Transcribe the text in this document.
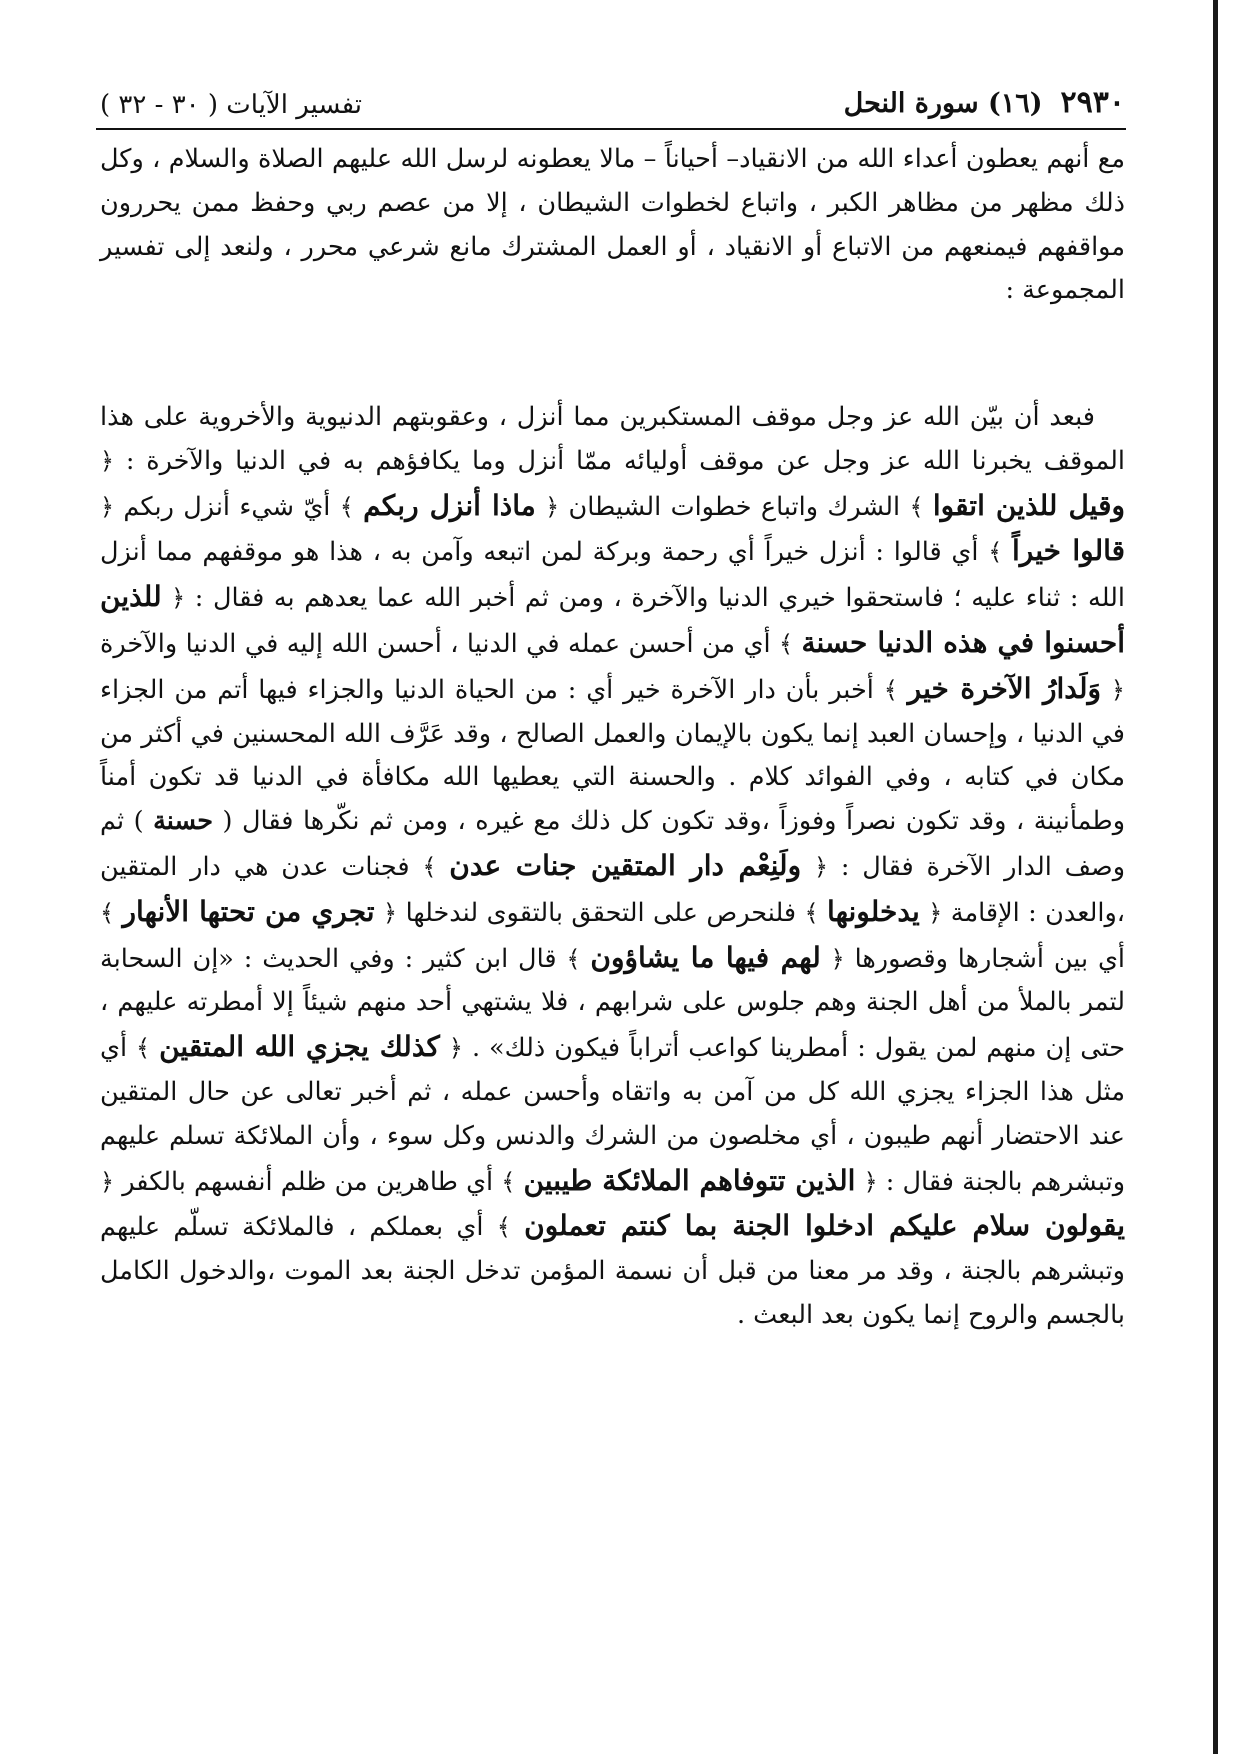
٢٩٣٠(١٦) سورة النحل
تفسير الآيات ( ٣٠ - ٣٢ )

مع أنهم يعطون أعداء الله من الانقياد– أحياناً – مالا يعطونه لرسل الله عليهم الصلاة والسلام ، وكل ذلك مظهر من مظاهر الكبر ، واتباع لخطوات الشيطان ، إلا من عصم ربي وحفظ ممن يحررون مواقفهم فيمنعهم من الاتباع أو الانقياد ، أو العمل المشترك مانع شرعي محرر ، ولنعد إلى تفسير المجموعة :

فبعد أن بيّن الله عز وجل موقف المستكبرين مما أنزل ، وعقوبتهم الدنيوية والأخروية على هذا الموقف يخبرنا الله عز وجل عن موقف أوليائه ممّا أنزل وما يكافؤهم به في الدنيا والآخرة : ﴿ وقيل للذين اتقوا ﴾ الشرك واتباع خطوات الشيطان ﴿ ماذا أنزل ربكم ﴾ أيّ شيء أنزل ربكم ﴿ قالوا خيراً ﴾ أي قالوا : أنزل خيراً أي رحمة وبركة لمن اتبعه وآمن به ، هذا هو موقفهم مما أنزل الله : ثناء عليه ؛ فاستحقوا خيري الدنيا والآخرة ، ومن ثم أخبر الله عما يعدهم به فقال : ﴿ للذين أحسنوا في هذه الدنيا حسنة ﴾ أي من أحسن عمله في الدنيا ، أحسن الله إليه في الدنيا والآخرة ﴿ وَلَدارُ الآخرة خير ﴾ أخبر بأن دار الآخرة خير أي : من الحياة الدنيا والجزاء فيها أتم من الجزاء في الدنيا ، وإحسان العبد إنما يكون بالإيمان والعمل الصالح ، وقد عَرَّف الله المحسنين في أكثر من مكان في كتابه ، وفي الفوائد كلام . والحسنة التي يعطيها الله مكافأة في الدنيا قد تكون أمناً وطمأنينة ، وقد تكون نصراً وفوزاً ،وقد تكون كل ذلك مع غيره ، ومن ثم نكّرها فقال ( حسنة ) ثم وصف الدار الآخرة فقال : ﴿ ولَنِعْم دار المتقين جنات عدن ﴾ فجنات عدن هي دار المتقين ،والعدن : الإقامة ﴿ يدخلونها ﴾ فلنحرص على التحقق بالتقوى لندخلها ﴿ تجري من تحتها الأنهار ﴾ أي بين أشجارها وقصورها ﴿ لهم فيها ما يشاؤون ﴾ قال ابن كثير : وفي الحديث : «إن السحابة لتمر بالملأ من أهل الجنة وهم جلوس على شرابهم ، فلا يشتهي أحد منهم شيئاً إلا أمطرته عليهم ، حتى إن منهم لمن يقول : أمطرينا كواعب أتراباً فيكون ذلك» . ﴿ كذلك يجزي الله المتقين ﴾ أي مثل هذا الجزاء يجزي الله كل من آمن به واتقاه وأحسن عمله ، ثم أخبر تعالى عن حال المتقين عند الاحتضار أنهم طيبون ، أي مخلصون من الشرك والدنس وكل سوء ، وأن الملائكة تسلم عليهم وتبشرهم بالجنة فقال : ﴿ الذين تتوفاهم الملائكة طيبين ﴾ أي طاهرين من ظلم أنفسهم بالكفر ﴿ يقولون سلام عليكم ادخلوا الجنة بما كنتم تعملون ﴾ أي بعملكم ، فالملائكة تسلّم عليهم وتبشرهم بالجنة ، وقد مر معنا من قبل أن نسمة المؤمن تدخل الجنة بعد الموت ،والدخول الكامل بالجسم والروح إنما يكون بعد البعث .
